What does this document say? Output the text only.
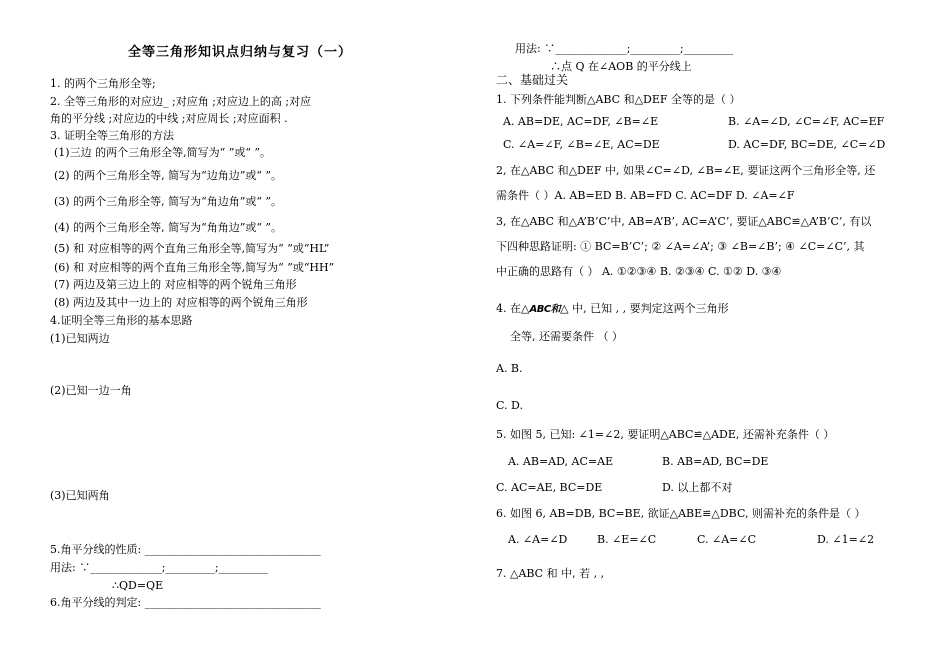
全等三角形知识点归纳与复习（一）
1. 的两个三角形全等;
2. 全等三角形的对应边_ ;对应角 ;对应边上的高 ;对应
角的平分线 ;对应边的中线 ;对应周长 ;对应面积 .
3. 证明全等三角形的方法
(1)三边 的两个三角形全等,简写为“ ”或“ ”。
(2) 的两个三角形全等, 简写为“边角边”或“ ”。
(3) 的两个三角形全等, 简写为“角边角”或“ ”。
(4) 的两个三角形全等, 简写为“角角边”或“ ”。
(5) 和 对应相等的两个直角三角形全等,简写为“ ”或“HL”
(6) 和 对应相等的两个直角三角形全等,简写为“ ”或“HH”
(7) 两边及第三边上的 对应相等的两个锐角三角形
(8) 两边及其中一边上的 对应相等的两个锐角三角形
4.证明全等三角形的基本思路
(1)已知两边
(2)已知一边一角
(3)已知两角
5.角平分线的性质: ________________________________
用法: ∵_____________;_________;_________
∴QD=QE
6.角平分线的判定: ________________________________
用法: ∵_____________;_________;_________
∴点 Q 在∠AOB 的平分线上
二、基础过关
1. 下列条件能判断△ABC 和△DEF 全等的是（ ）
A. AB=DE, AC=DF, ∠B=∠E	B. ∠A=∠D, ∠C=∠F, AC=EF
C. ∠A=∠F, ∠B=∠E, AC=DE	D. AC=DF, BC=DE, ∠C=∠D
2, 在△ABC 和△DEF 中, 如果∠C=∠D, ∠B=∠E, 要证这两个三角形全等, 还
需条件（ ）A. AB=ED B. AB=FD C. AC=DF D. ∠A=∠F
3, 在△ABC 和△A’B’C’中, AB=A’B’, AC=A’C’, 要证△ABC≌△A’B’C’, 有以
下四种思路证明: ① BC=B’C’; ② ∠A=∠A’; ③ ∠B=∠B’; ④ ∠C=∠C’, 其
中正确的思路有（ ） A. ①②③④ B. ②③④ C. ①② D. ③④
4. 在△ABC和△ 中, 已知 , , 要判定这两个三角形
全等, 还需要条件 （ ）
A. B.
C. D.
5. 如图 5, 已知: ∠1=∠2, 要证明△ABC≌△ADE, 还需补充条件（ ）
A. AB=AD, AC=AE	B. AB=AD, BC=DE
C. AC=AE, BC=DE	D. 以上都不对
6. 如图 6, AB=DB, BC=BE, 欲证△ABE≌△DBC, 则需补充的条件是（ ）
A. ∠A=∠D	B. ∠E=∠C	C. ∠A=∠C	D. ∠1=∠2
7. △ABC 和 中, 若 , ,
